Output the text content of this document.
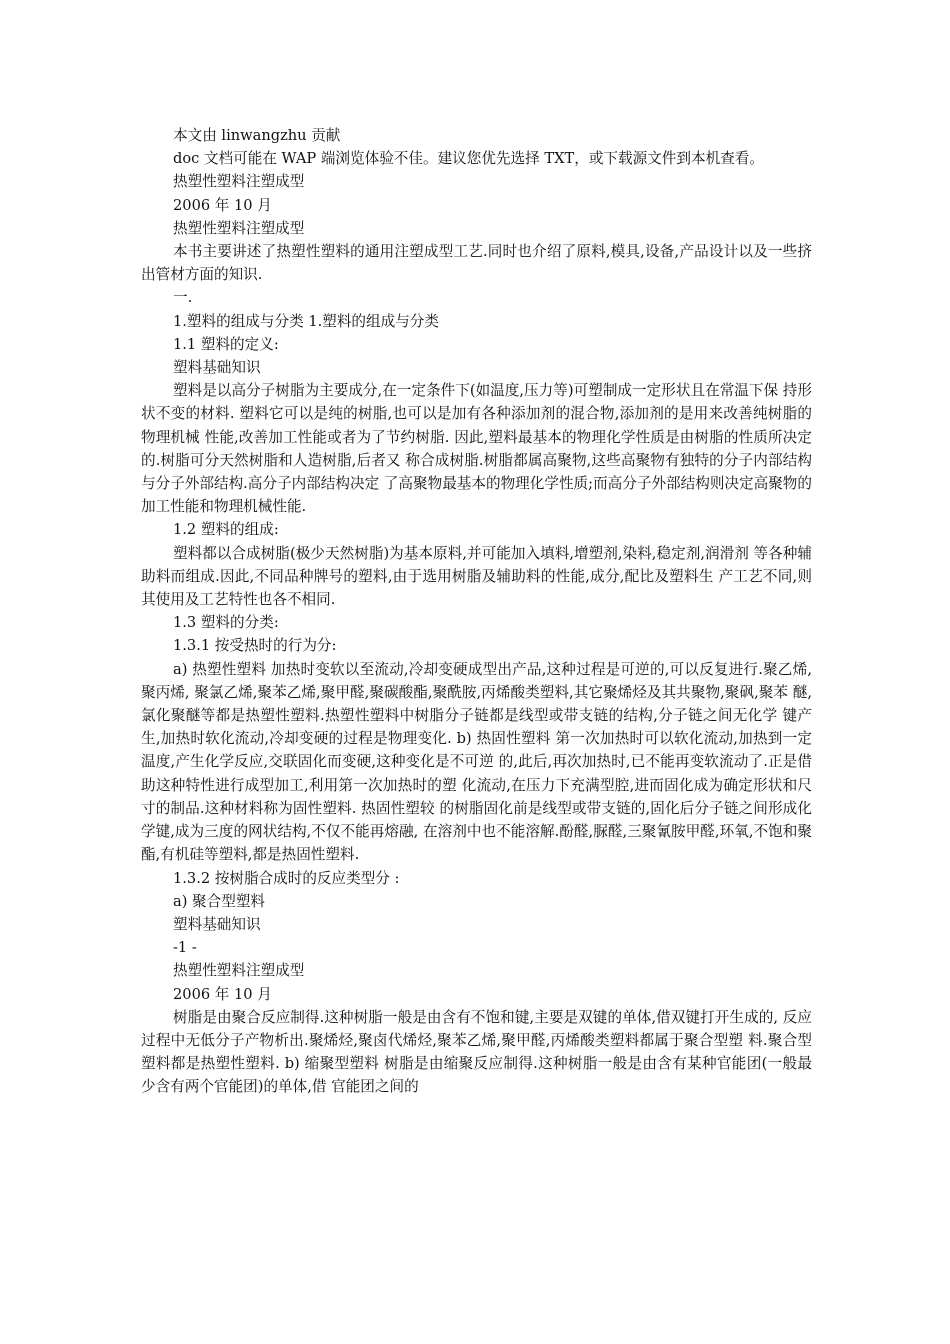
本文由 linwangzhu 贡献

doc 文档可能在 WAP 端浏览体验不佳。建议您优先选择 TXT，或下载源文件到本机查看。

热塑性塑料注塑成型

2006 年 10 月

热塑性塑料注塑成型

本书主要讲述了热塑性塑料的通用注塑成型工艺.同时也介绍了原料,模具,设备,产品设计以及一些挤出管材方面的知识.

一.

1.塑料的组成与分类 1.塑料的组成与分类

1.1 塑料的定义:

塑料基础知识

塑料是以高分子树脂为主要成分,在一定条件下(如温度,压力等)可塑制成一定形状且在常温下保 持形状不变的材料. 塑料它可以是纯的树脂,也可以是加有各种添加剂的混合物,添加剂的是用来改善纯树脂的物理机械 性能,改善加工性能或者为了节约树脂. 因此,塑料最基本的物理化学性质是由树脂的性质所决定的.树脂可分天然树脂和人造树脂,后者又 称合成树脂.树脂都属高聚物,这些高聚物有独特的分子内部结构与分子外部结构.高分子内部结构决定 了高聚物最基本的物理化学性质;而高分子外部结构则决定高聚物的加工性能和物理机械性能.

1.2 塑料的组成:

塑料都以合成树脂(极少天然树脂)为基本原料,并可能加入填料,增塑剂,染料,稳定剂,润滑剂 等各种辅助料而组成.因此,不同品种牌号的塑料,由于选用树脂及辅助料的性能,成分,配比及塑料生 产工艺不同,则其使用及工艺特性也各不相同.

1.3 塑料的分类:

1.3.1 按受热时的行为分:

a) 热塑性塑料 加热时变软以至流动,冷却变硬成型出产品,这种过程是可逆的,可以反复进行.聚乙烯,聚丙烯, 聚氯乙烯,聚苯乙烯,聚甲醛,聚碳酸酯,聚酰胺,丙烯酸类塑料,其它聚烯烃及其共聚物,聚砜,聚苯 醚,氯化聚醚等都是热塑性塑料.热塑性塑料中树脂分子链都是线型或带支链的结构,分子链之间无化学 键产生,加热时软化流动,冷却变硬的过程是物理变化. b) 热固性塑料 第一次加热时可以软化流动,加热到一定温度,产生化学反应,交联固化而变硬,这种变化是不可逆 的,此后,再次加热时,已不能再变软流动了.正是借助这种特性进行成型加工,利用第一次加热时的塑 化流动,在压力下充满型腔,进而固化成为确定形状和尺寸的制品.这种材料称为固性塑料. 热固性塑较 的树脂固化前是线型或带支链的,固化后分子链之间形成化学键,成为三度的网状结构,不仅不能再熔融, 在溶剂中也不能溶解.酚醛,脲醛,三聚氰胺甲醛,环氧,不饱和聚酯,有机硅等塑料,都是热固性塑料.

1.3.2 按树脂合成时的反应类型分 :

a) 聚合型塑料

塑料基础知识

-1 -

热塑性塑料注塑成型

2006 年 10 月

树脂是由聚合反应制得.这种树脂一般是由含有不饱和键,主要是双键的单体,借双键打开生成的, 反应过程中无低分子产物析出.聚烯烃,聚卤代烯烃,聚苯乙烯,聚甲醛,丙烯酸类塑料都属于聚合型塑 料.聚合型塑料都是热塑性塑料. b) 缩聚型塑料 树脂是由缩聚反应制得.这种树脂一般是由含有某种官能团(一般最少含有两个官能团)的单体,借 官能团之间的
